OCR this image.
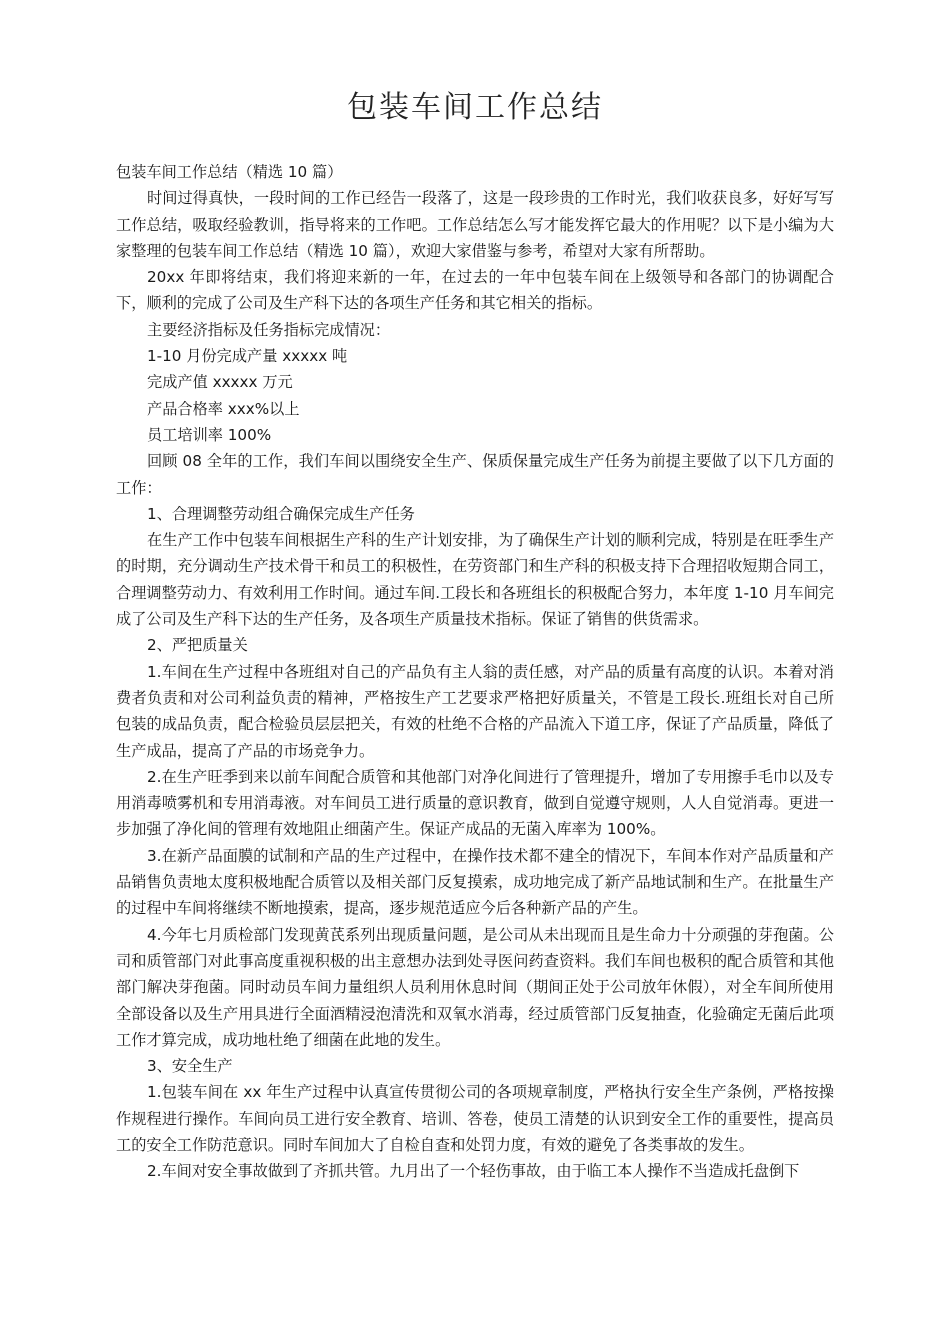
包装车间工作总结

包装车间工作总结（精选 10 篇）

时间过得真快，一段时间的工作已经告一段落了，这是一段珍贵的工作时光，我们收获良多，好好写写工作总结，吸取经验教训，指导将来的工作吧。工作总结怎么写才能发挥它最大的作用呢？以下是小编为大家整理的包装车间工作总结（精选 10 篇），欢迎大家借鉴与参考，希望对大家有所帮助。

20xx 年即将结束，我们将迎来新的一年，在过去的一年中包装车间在上级领导和各部门的协调配合下，顺利的完成了公司及生产科下达的各项生产任务和其它相关的指标。

主要经济指标及任务指标完成情况：

1-10 月份完成产量 xxxxx 吨

完成产值 xxxxx 万元

产品合格率 xxx%以上

员工培训率 100%

回顾 08 全年的工作，我们车间以围绕安全生产、保质保量完成生产任务为前提主要做了以下几方面的工作：

1、合理调整劳动组合确保完成生产任务

在生产工作中包装车间根据生产科的生产计划安排，为了确保生产计划的顺利完成，特别是在旺季生产的时期，充分调动生产技术骨干和员工的积极性，在劳资部门和生产科的积极支持下合理招收短期合同工，合理调整劳动力、有效利用工作时间。通过车间.工段长和各班组长的积极配合努力，本年度 1-10 月车间完成了公司及生产科下达的生产任务，及各项生产质量技术指标。保证了销售的供货需求。

2、严把质量关

1.车间在生产过程中各班组对自己的产品负有主人翁的责任感，对产品的质量有高度的认识。本着对消费者负责和对公司利益负责的精神，严格按生产工艺要求严格把好质量关，不管是工段长.班组长对自己所包装的成品负责，配合检验员层层把关，有效的杜绝不合格的产品流入下道工序，保证了产品质量，降低了生产成品，提高了产品的市场竞争力。

2.在生产旺季到来以前车间配合质管和其他部门对净化间进行了管理提升，增加了专用擦手毛巾以及专用消毒喷雾机和专用消毒液。对车间员工进行质量的意识教育，做到自觉遵守规则，人人自觉消毒。更进一步加强了净化间的管理有效地阻止细菌产生。保证产成品的无菌入库率为 100%。

3.在新产品面膜的试制和产品的生产过程中，在操作技术都不建全的情况下，车间本作对产品质量和产品销售负责地太度积极地配合质管以及相关部门反复摸索，成功地完成了新产品地试制和生产。在批量生产的过程中车间将继续不断地摸索，提高，逐步规范适应今后各种新产品的产生。

4.今年七月质检部门发现黄芪系列出现质量问题，是公司从未出现而且是生命力十分顽强的芽孢菌。公司和质管部门对此事高度重视积极的出主意想办法到处寻医问药查资料。我们车间也极积的配合质管和其他部门解决芽孢菌。同时动员车间力量组织人员利用休息时间（期间正处于公司放年休假），对全车间所使用全部设备以及生产用具进行全面酒精浸泡清洗和双氧水消毒，经过质管部门反复抽查，化验确定无菌后此项工作才算完成，成功地杜绝了细菌在此地的发生。

3、安全生产

1.包装车间在 xx 年生产过程中认真宣传贯彻公司的各项规章制度，严格执行安全生产条例，严格按操作规程进行操作。车间向员工进行安全教育、培训、答卷，使员工清楚的认识到安全工作的重要性，提高员工的安全工作防范意识。同时车间加大了自检自查和处罚力度，有效的避免了各类事故的发生。

2.车间对安全事故做到了齐抓共管。九月出了一个轻伤事故，由于临工本人操作不当造成托盘倒下
